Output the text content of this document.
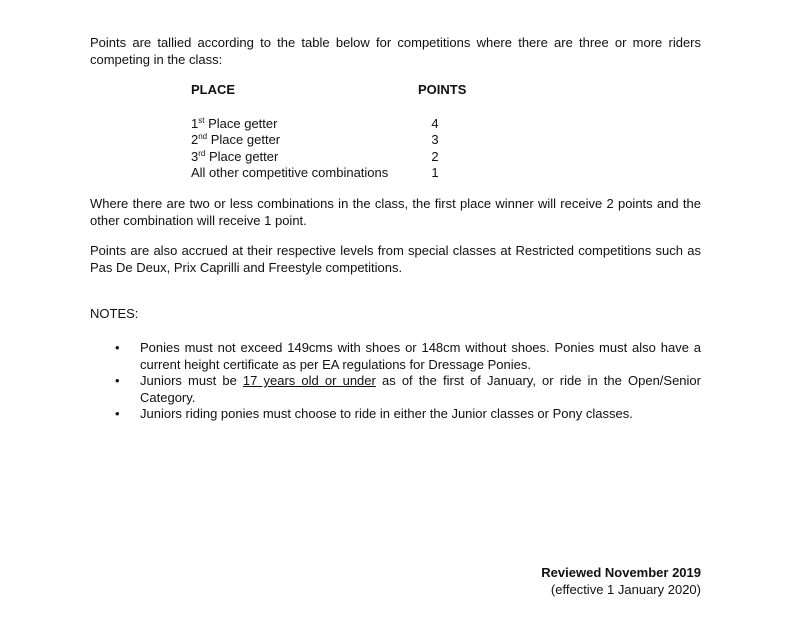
Points are tallied according to the table below for competitions where there are three or more riders competing in the class:

PLACE	POINTS
1st Place getter	4
2nd Place getter	3
3rd Place getter	2
All other competitive combinations	1

Where there are two or less combinations in the class, the first place winner will receive 2 points and the other combination will receive 1 point.

Points are also accrued at their respective levels from special classes at Restricted competitions such as Pas De Deux, Prix Caprilli and Freestyle competitions.

NOTES:
• Ponies must not exceed 149cms with shoes or 148cm without shoes. Ponies must also have a current height certificate as per EA regulations for Dressage Ponies.
• Juniors must be 17 years old or under as of the first of January, or ride in the Open/Senior Category.
• Juniors riding ponies must choose to ride in either the Junior classes or Pony classes.
Reviewed November 2019
(effective 1 January 2020)
